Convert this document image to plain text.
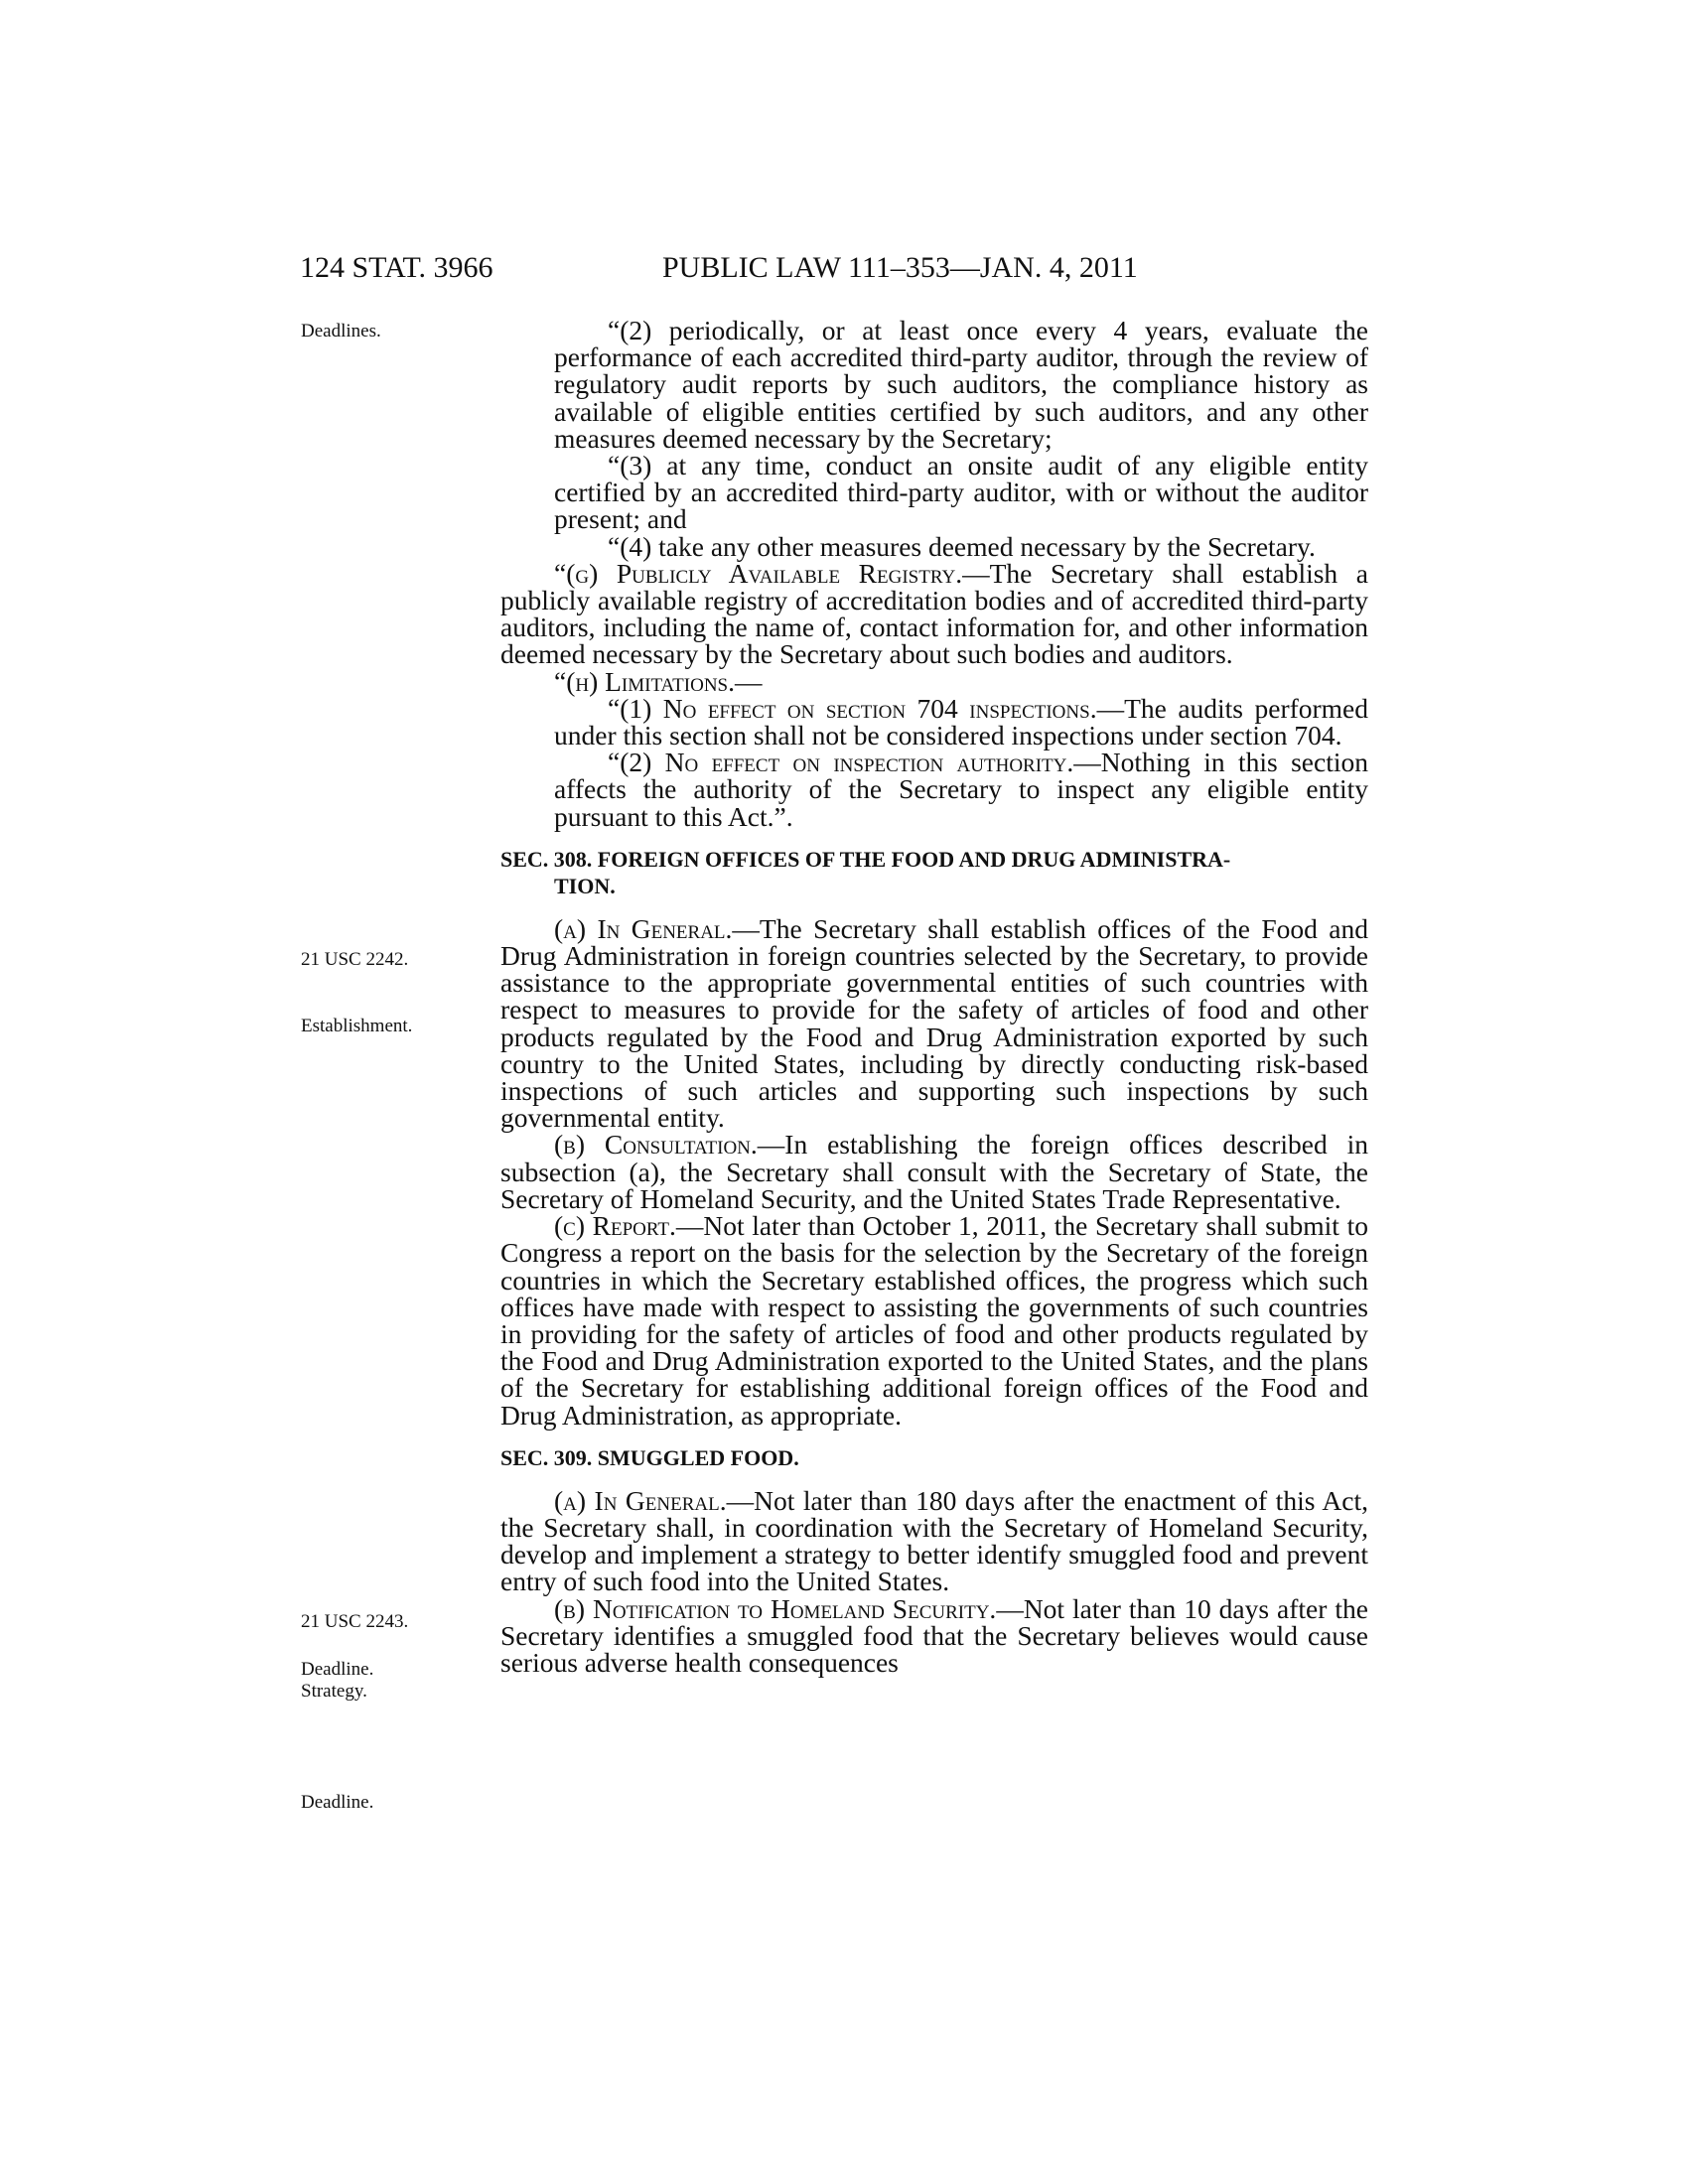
124 STAT. 3966	PUBLIC LAW 111–353—JAN. 4, 2011
Deadlines.
21 USC 2242.
Establishment.
21 USC 2243.
Deadline.
Strategy.
Deadline.

“(2) periodically, or at least once every 4 years, evaluate the performance of each accredited third-party auditor, through the review of regulatory audit reports by such auditors, the compliance history as available of eligible entities certified by such auditors, and any other measures deemed necessary by the Secretary;

“(3) at any time, conduct an onsite audit of any eligible entity certified by an accredited third-party auditor, with or without the auditor present; and

“(4) take any other measures deemed necessary by the Secretary.

“(g) Publicly Available Registry.—The Secretary shall establish a publicly available registry of accreditation bodies and of accredited third-party auditors, including the name of, contact information for, and other information deemed necessary by the Secretary about such bodies and auditors.

“(h) Limitations.—

“(1) No effect on section 704 inspections.—The audits performed under this section shall not be considered inspections under section 704.

“(2) No effect on inspection authority.—Nothing in this section affects the authority of the Secretary to inspect any eligible entity pursuant to this Act.”.

SEC. 308. FOREIGN OFFICES OF THE FOOD AND DRUG ADMINISTRA-
TION.

(a) In General.—The Secretary shall establish offices of the Food and Drug Administration in foreign countries selected by the Secretary, to provide assistance to the appropriate governmental entities of such countries with respect to measures to provide for the safety of articles of food and other products regulated by the Food and Drug Administration exported by such country to the United States, including by directly conducting risk-based inspections of such articles and supporting such inspections by such governmental entity.

(b) Consultation.—In establishing the foreign offices described in subsection (a), the Secretary shall consult with the Secretary of State, the Secretary of Homeland Security, and the United States Trade Representative.

(c) Report.—Not later than October 1, 2011, the Secretary shall submit to Congress a report on the basis for the selection by the Secretary of the foreign countries in which the Secretary established offices, the progress which such offices have made with respect to assisting the governments of such countries in providing for the safety of articles of food and other products regulated by the Food and Drug Administration exported to the United States, and the plans of the Secretary for establishing additional foreign offices of the Food and Drug Administration, as appropriate.

SEC. 309. SMUGGLED FOOD.

(a) In General.—Not later than 180 days after the enactment of this Act, the Secretary shall, in coordination with the Secretary of Homeland Security, develop and implement a strategy to better identify smuggled food and prevent entry of such food into the United States.

(b) Notification to Homeland Security.—Not later than 10 days after the Secretary identifies a smuggled food that the Secretary believes would cause serious adverse health consequences
